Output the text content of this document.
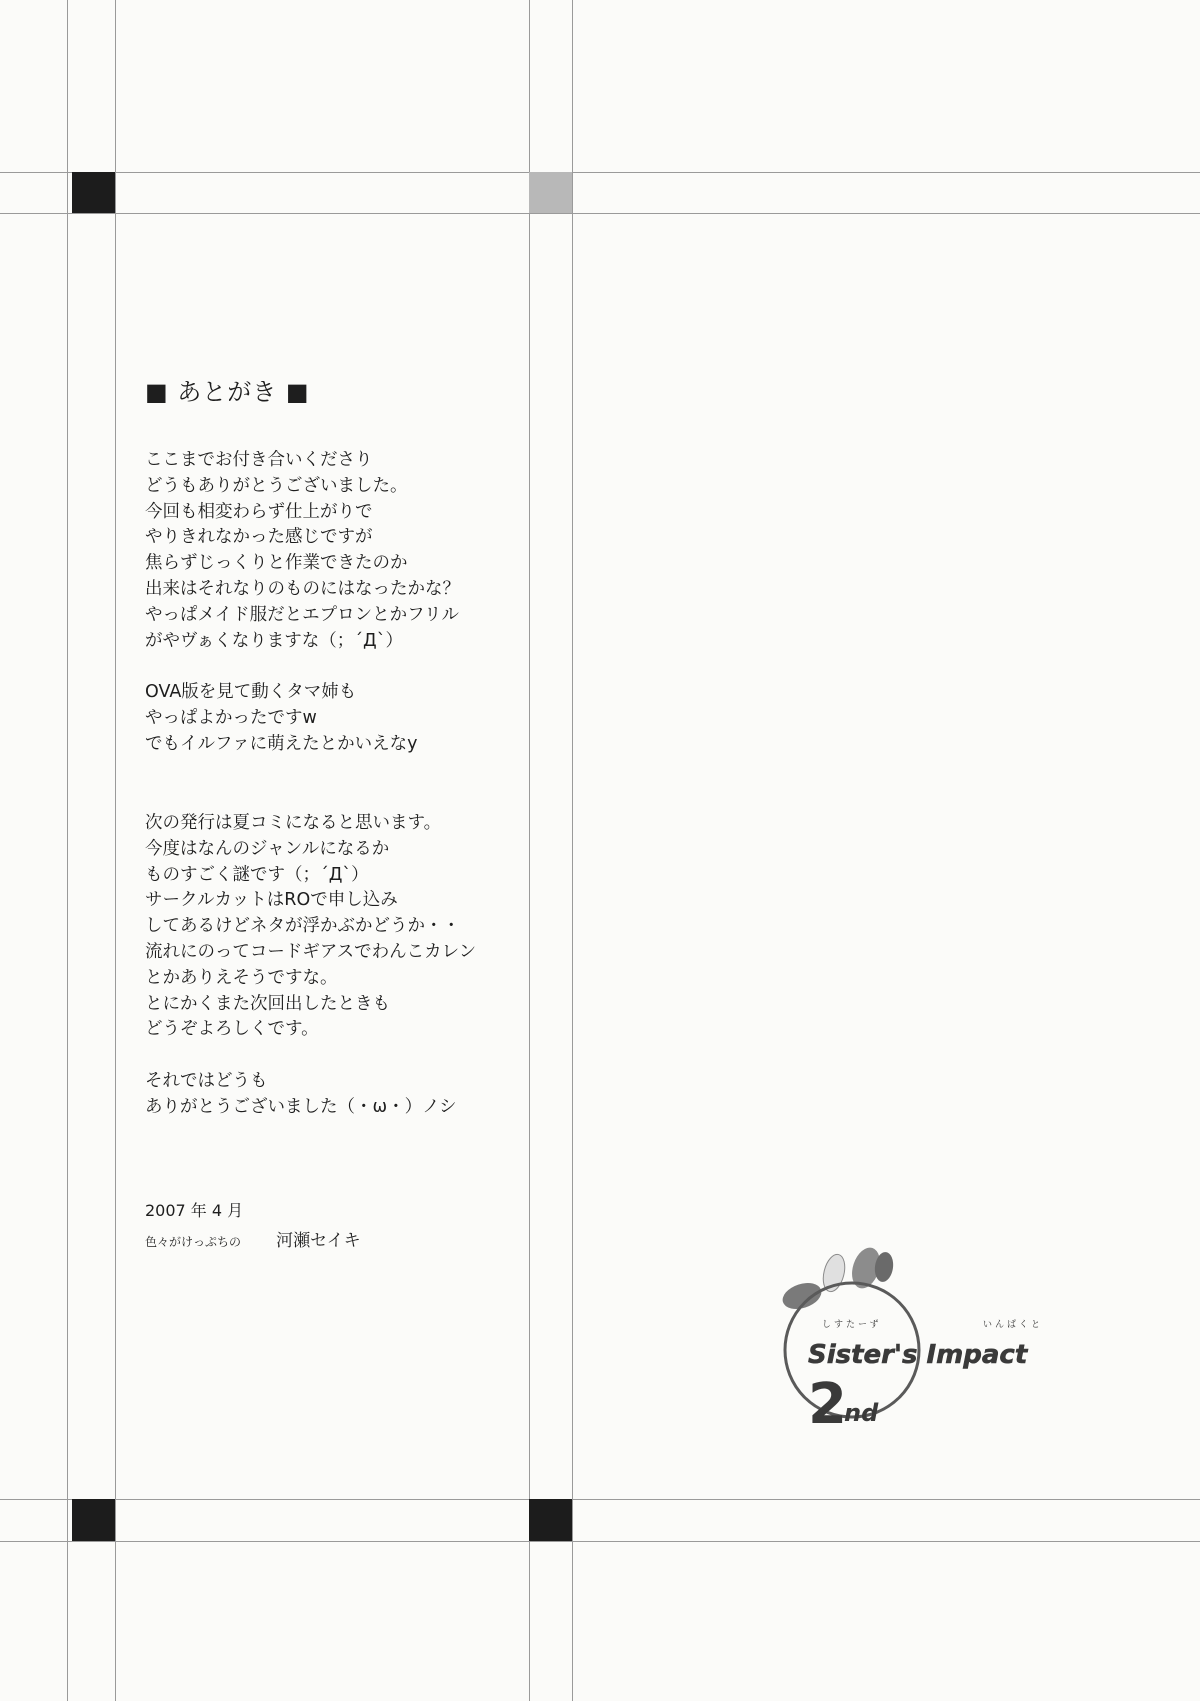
■ あとがき ■
ここまでお付き合いくださり
どうもありがとうございました。
今回も相変わらず仕上がりで
やりきれなかった感じですが
焦らずじっくりと作業できたのか
出来はそれなりのものにはなったかな？
やっぱメイド服だとエプロンとかフリル
がやヴぁくなりますな（；´Д`）
OVA版を見て動くタマ姉も
やっぱよかったですw
でもイルファに萌えたとかいえなy
次の発行は夏コミになると思います。
今度はなんのジャンルになるか
ものすごく謎です（；´Д`）
サークルカットはROで申し込み
してあるけどネタが浮かぶかどうか・・
流れにのってコードギアスでわんこカレン
とかありえそうですな。
とにかくまた次回出したときも
どうぞよろしくです。
それではどうも
ありがとうございました（・ω・）ノシ
2007 年 4 月
色々がけっぷちの 河瀬セイキ
しすたーず	いんぱくと
Sister's Impact
2
nd
